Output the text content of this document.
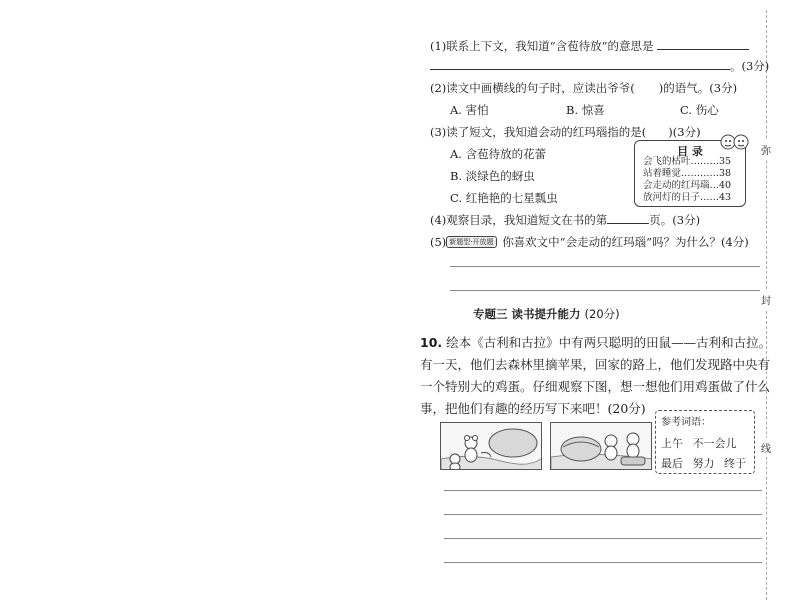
弥
封
线
(1)联系上下文，我知道“含苞待放”的意思是
。(3分)
(2)读文中画横线的句子时，应读出爷爷( )的语气。(3分)
A. 害怕	B. 惊喜	C. 伤心
(3)读了短文，我知道会动的红玛瑙指的是( )(3分)
A. 含苞待放的花蕾
B. 淡绿色的蚜虫
C. 红艳艳的七星瓢虫
目 录
会飞的枯叶………35
站着睡觉…………38
会走动的红玛瑙…40
放河灯的日子……43
(4)观察目录，我知道短文在书的第	页。(3分)
(5) 新题型·开放题 你喜欢文中“会走动的红玛瑙”吗？为什么？(4分)
专题三 读书提升能力 (20分)
10. 绘本《古利和古拉》中有两只聪明的田鼠——古利和古拉。有一天，他们去森林里摘苹果，回家的路上，他们发现路中央有一个特别大的鸡蛋。仔细观察下图，想一想他们用鸡蛋做了什么事，把他们有趣的经历写下来吧！(20分)
参考词语：
上午 不一会儿
最后 努力 终于
